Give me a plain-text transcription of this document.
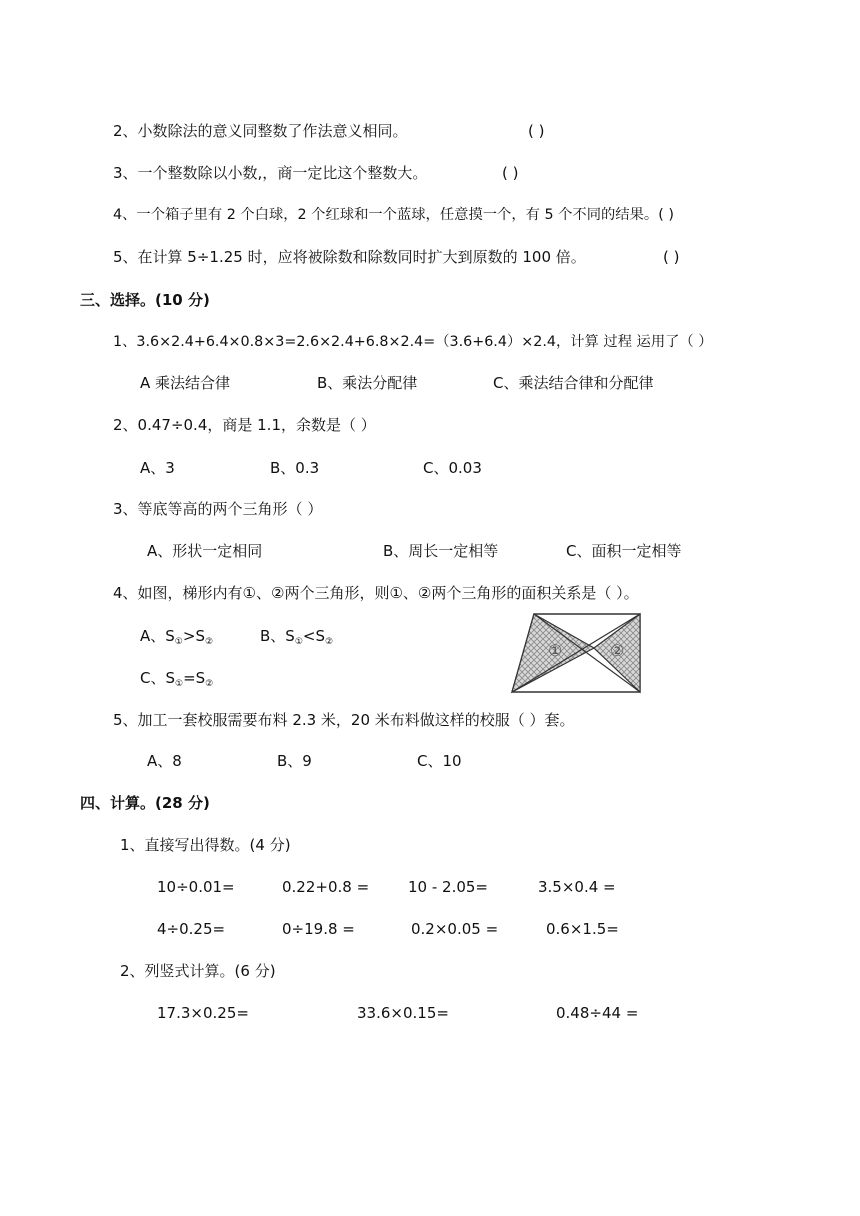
2、小数除法的意义同整数了作法意义相同。	( )
3、一个整数除以小数,，商一定比这个整数大。	( )
4、一个箱子里有 2 个白球，2 个红球和一个蓝球，任意摸一个，有 5 个不同的结果。( )
5、在计算 5÷1.25 时，应将被除数和除数同时扩大到原数的 100 倍。	( )
三、选择。(10 分)
1、3.6×2.4+6.4×0.8×3=2.6×2.4+6.8×2.4=（3.6+6.4）×2.4，计算 过程 运用了（ ）
A 乘法结合律	B、乘法分配律	C、乘法结合律和分配律
2、0.47÷0.4，商是 1.1，余数是（ ）
A、3	B、0.3	C、0.03
3、等底等高的两个三角形（ ）
A、形状一定相同	B、周长一定相等	C、面积一定相等
4、如图，梯形内有①、②两个三角形，则①、②两个三角形的面积关系是（ ）。
A、$S_①>S_②$	B、$S_①<S_②$
C、$S_①=S_②$
①	②
5、加工一套校服需要布料 2.3 米，20 米布料做这样的校服（ ）套。
A、8	B、9	C、10
四、计算。(28 分)
1、直接写出得数。(4 分)
10÷0.01=	0.22+0.8 =	10 - 2.05=	3.5×0.4 =
4÷0.25=	0÷19.8 =	0.2×0.05 =	0.6×1.5=
2、列竖式计算。(6 分)
17.3×0.25=	33.6×0.15=	0.48÷44 =
